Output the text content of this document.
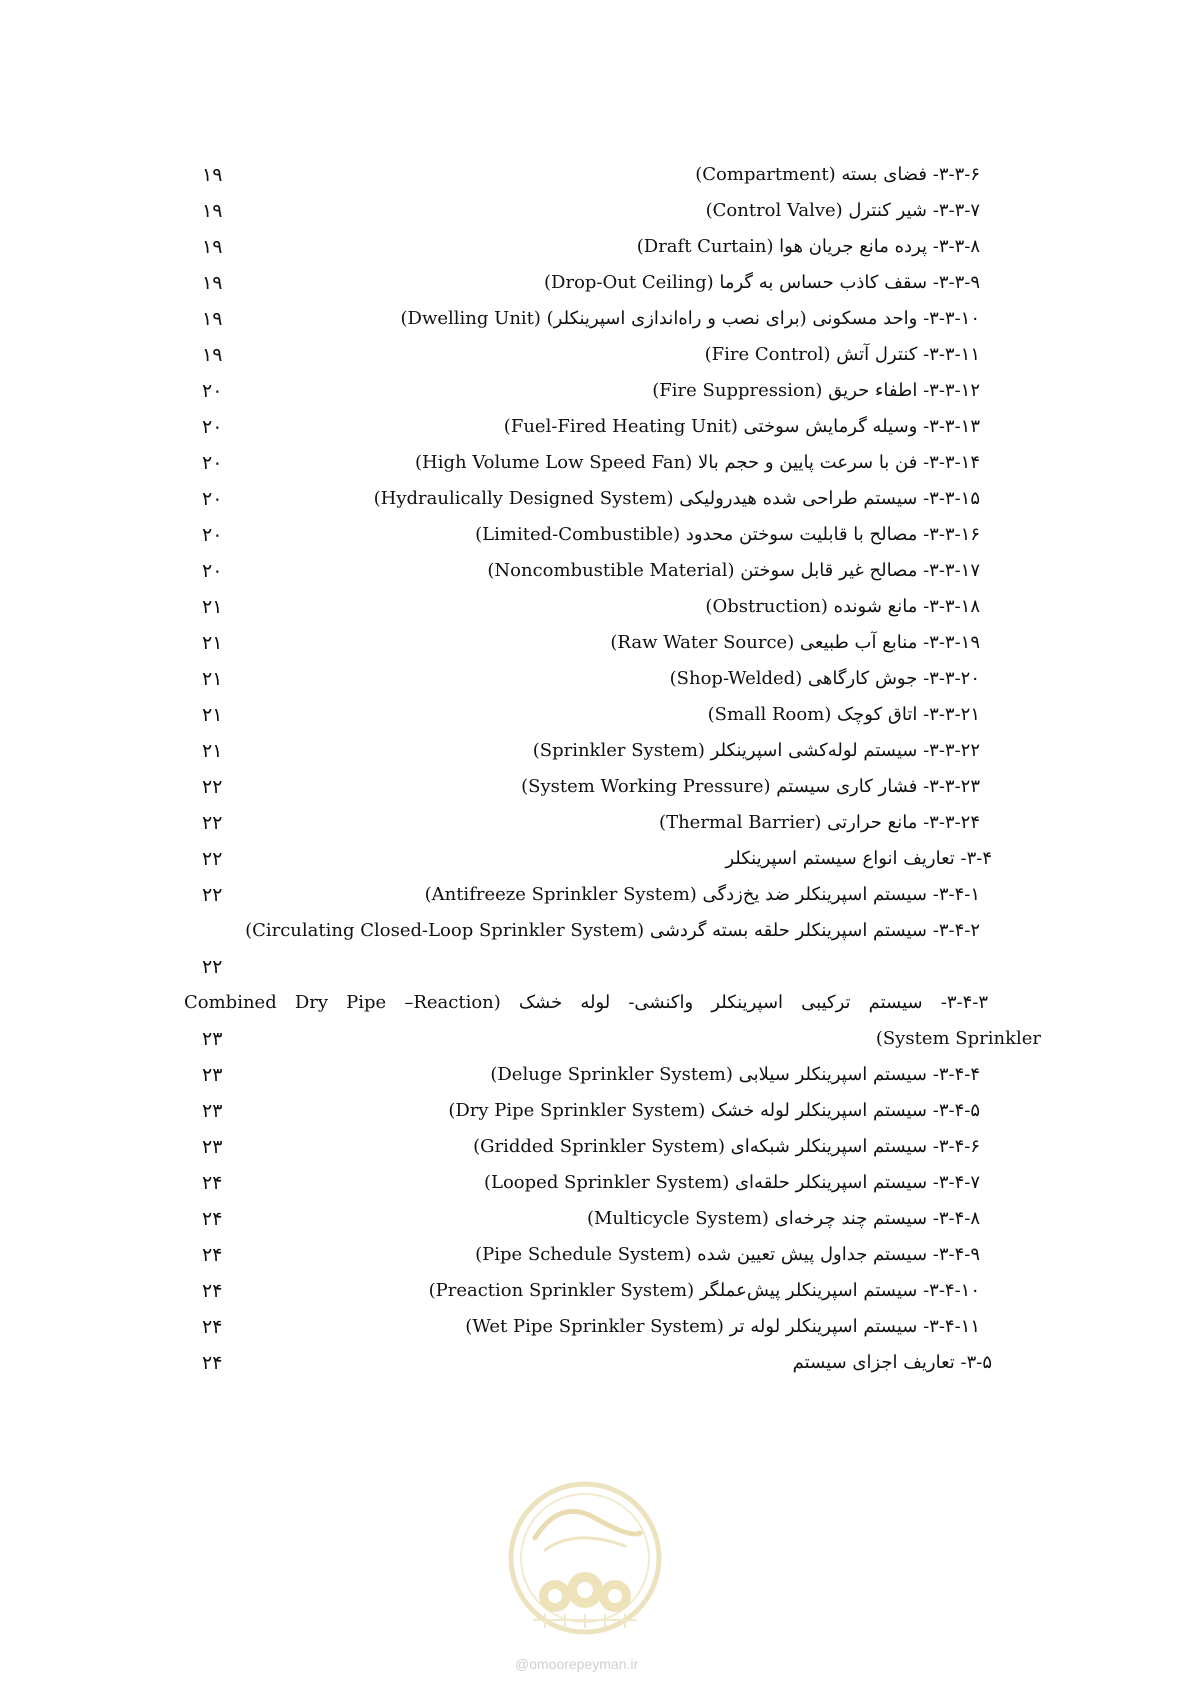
۳-۳-۶- فضای بسته (Compartment)
۱۹
۳-۳-۷- شیر کنترل (Control Valve)
۱۹
۳-۳-۸- پرده مانع جریان هوا (Draft Curtain)
۱۹
۳-۳-۹- سقف کاذب حساس به گرما (Drop-Out Ceiling)
۱۹
۳-۳-۱۰- واحد مسکونی (برای نصب و راه‌اندازی اسپرینکلر) (Dwelling Unit)
۱۹
۳-۳-۱۱- کنترل آتش (Fire Control)
۱۹
۳-۳-۱۲- اطفاء حریق (Fire Suppression)
۲۰
۳-۳-۱۳- وسیله گرمایش سوختی (Fuel-Fired Heating Unit)
۲۰
۳-۳-۱۴- فن با سرعت پایین و حجم بالا (High Volume Low Speed Fan)
۲۰
۳-۳-۱۵- سیستم طراحی شده هیدرولیکی (Hydraulically Designed System)
۲۰
۳-۳-۱۶- مصالح با قابلیت سوختن محدود (Limited-Combustible)
۲۰
۳-۳-۱۷- مصالح غیر قابل سوختن (Noncombustible Material)
۲۰
۳-۳-۱۸- مانع شونده (Obstruction)
۲۱
۳-۳-۱۹- منابع آب طبیعی (Raw Water Source)
۲۱
۳-۳-۲۰- جوش کارگاهی (Shop-Welded)
۲۱
۳-۳-۲۱- اتاق کوچک (Small Room)
۲۱
۳-۳-۲۲- سیستم لوله‌کشی اسپرینکلر (Sprinkler System)
۲۱
۳-۳-۲۳- فشار کاری سیستم (System Working Pressure)
۲۲
۳-۳-۲۴- مانع حرارتی (Thermal Barrier)
۲۲
۳-۴- تعاریف انواع سیستم اسپرینکلر
۲۲
۳-۴-۱- سیستم اسپرینکلر ضد یخ‌زدگی (Antifreeze Sprinkler System)
۲۲
۳-۴-۲- سیستم اسپرینکلر حلقه بسته گردشی (Circulating Closed-Loop Sprinkler System)
۲۲
۳-۴-۳- سیستم ترکیبی اسپرینکلر واکنشی- لوله خشک (Combined Dry Pipe –Reaction
۲۳	System Sprinkler)
۳-۴-۴- سیستم اسپرینکلر سیلابی (Deluge Sprinkler System)
۲۳
۳-۴-۵- سیستم اسپرینکلر لوله خشک (Dry Pipe Sprinkler System)
۲۳
۳-۴-۶- سیستم اسپرینکلر شبکه‌ای (Gridded Sprinkler System)
۲۳
۳-۴-۷- سیستم اسپرینکلر حلقه‌ای (Looped Sprinkler System)
۲۴
۳-۴-۸- سیستم چند چرخه‌ای (Multicycle System)
۲۴
۳-۴-۹- سیستم جداول پیش تعیین شده (Pipe Schedule System)
۲۴
۳-۴-۱۰- سیستم اسپرینکلر پیش‌عملگر (Preaction Sprinkler System)
۲۴
۳-۴-۱۱- سیستم اسپرینکلر لوله تر (Wet Pipe Sprinkler System)
۲۴
۳-۵- تعاریف اجزای سیستم
۲۴
@omoorepeyman.ir
